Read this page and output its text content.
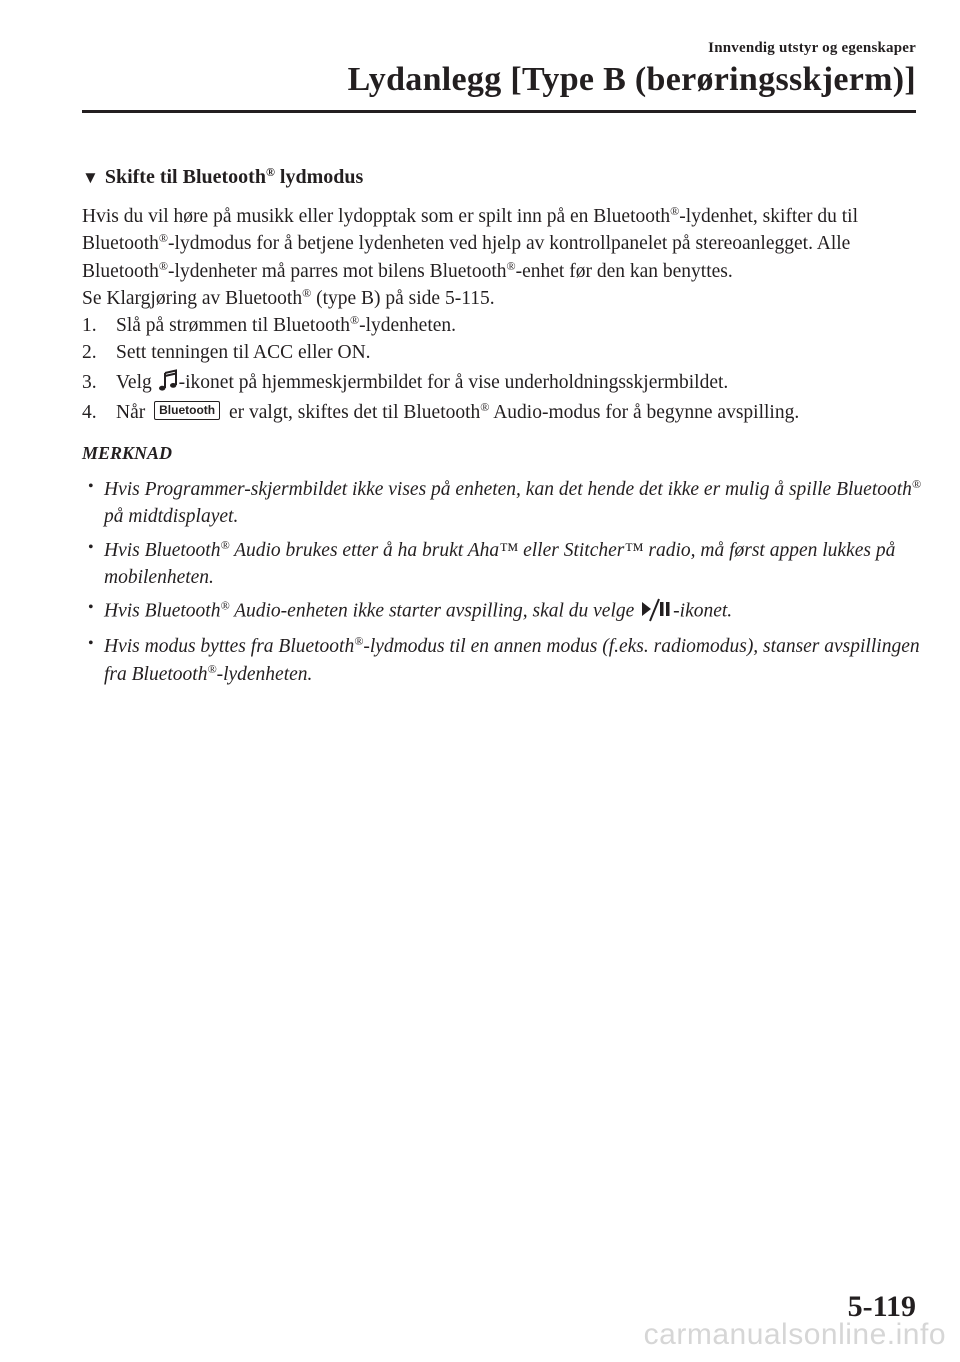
Innvendig utstyr og egenskaper
Lydanlegg [Type B (berøringsskjerm)]
▼ Skifte til Bluetooth® lydmodus

Hvis du vil høre på musikk eller lydopptak som er spilt inn på en Bluetooth®-lydenhet, skifter du til Bluetooth®-lydmodus for å betjene lydenheten ved hjelp av kontrollpanelet på stereoanlegget. Alle Bluetooth®-lydenheter må parres mot bilens Bluetooth®-enhet før den kan benyttes.

Se Klargjøring av Bluetooth® (type B) på side 5-115.

1. Slå på strømmen til Bluetooth®-lydenheten.
2. Sett tenningen til ACC eller ON.
3. Velg -ikonet på hjemmeskjermbildet for å vise underholdningsskjermbildet.
4. Når Bluetooth er valgt, skiftes det til Bluetooth® Audio-modus for å begynne avspilling.
MERKNAD
• Hvis Programmer-skjermbildet ikke vises på enheten, kan det hende det ikke er mulig å spille Bluetooth® på midtdisplayet.
• Hvis Bluetooth® Audio brukes etter å ha brukt Aha™ eller Stitcher™ radio, må først appen lukkes på mobilenheten.
• Hvis Bluetooth® Audio-enheten ikke starter avspilling, skal du velge -ikonet.
• Hvis modus byttes fra Bluetooth®-lydmodus til en annen modus (f.eks. radiomodus), stanser avspillingen fra Bluetooth®-lydenheten.
5-119
carmanualsonline.info
